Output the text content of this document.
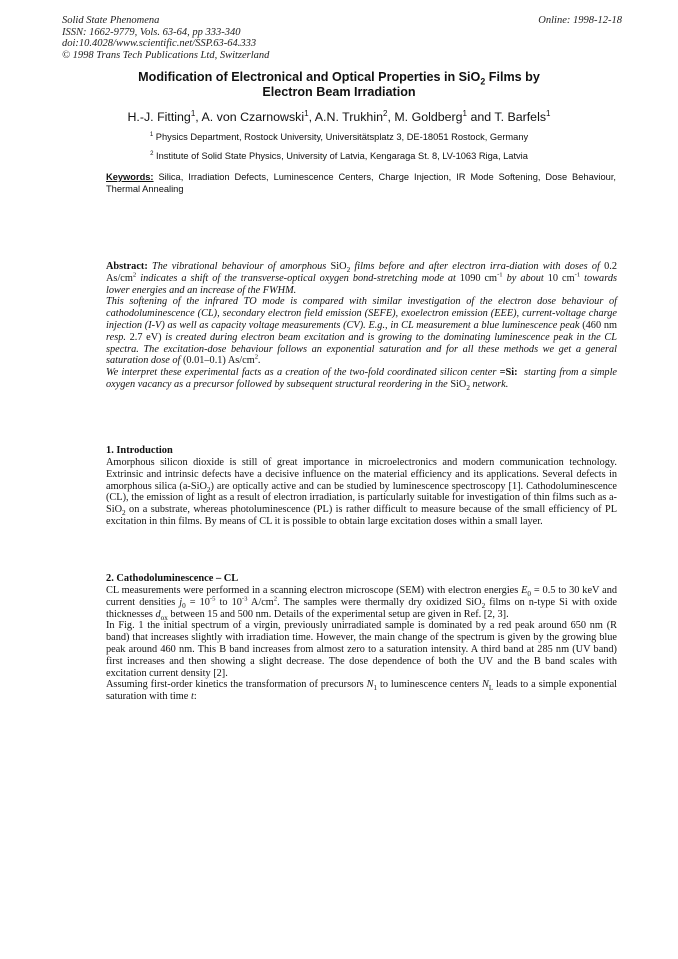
Solid State Phenomena
ISSN: 1662-9779, Vols. 63-64, pp 333-340
doi:10.4028/www.scientific.net/SSP.63-64.333
© 1998 Trans Tech Publications Ltd, Switzerland
Online: 1998-12-18
Modification of Electronical and Optical Properties in SiO$_2$ Films by
Electron Beam Irradiation
H.-J. Fitting$^1$, A. von Czarnowski$^1$, A.N. Trukhin$^2$, M. Goldberg$^1$ and T. Barfels$^1$
$^1$ Physics Department, Rostock University, Universitätsplatz 3, DE-18051 Rostock, Germany
$^2$ Institute of Solid State Physics, University of Latvia, Kengaraga St. 8, LV-1063 Riga, Latvia
Keywords: Silica, Irradiation Defects, Luminescence Centers, Charge Injection, IR Mode Softening, Dose Behaviour, Thermal Annealing

Abstract: The vibrational behaviour of amorphous SiO$_2$ films before and after electron irra-diation with doses of 0.2 $As/cm^2$ indicates a shift of the transverse-optical oxygen bond-stretching mode at 1090 $cm^{-1}$ by about 10 $cm^{-1}$ towards lower energies and an increase of the FWHM.

This softening of the infrared TO mode is compared with similar investigation of the electron dose behaviour of cathodoluminescence (CL), secondary electron field emission (SEFE), exoelectron emission (EEE), current-voltage charge injection (I-V) as well as capacity voltage measurements (CV). E.g., in CL measurement a blue luminescence peak (460 nm resp. 2.7 eV) is created during electron beam excitation and is growing to the dominating luminescence peak in the CL spectra. The excitation-dose behaviour follows an exponential saturation and for all these methods we get a general saturation dose of (0.01–0.1) $As/cm^2$.

We interpret these experimental facts as a creation of the two-fold coordinated silicon center =Si:  starting from a simple oxygen vacancy as a precursor followed by subsequent structural reordering in the SiO$_2$ network.

1. Introduction

Amorphous silicon dioxide is still of great importance in microelectronics and modern communication technology. Extrinsic and intrinsic defects have a decisive influence on the material efficiency and its applications. Several defects in amorphous silica (a-SiO$_2$) are optically active and can be studied by luminescence spectroscopy [1]. Cathodoluminescence (CL), the emission of light as a result of electron irradiation, is particularly suitable for investigation of thin films such as a-SiO$_2$ on a substrate, whereas photoluminescence (PL) is rather difficult to measure because of the small efficiency of PL excitation in thin films. By means of CL it is possible to obtain large excitation doses within a small layer.

2. Cathodoluminescence – CL

CL measurements were performed in a scanning electron microscope (SEM) with electron energies $E_0 = 0.5$ to 30 keV and current densities $j_0 = 10^{-5}$ to $10^{-3}$ $A/cm^2$. The samples were thermally dry oxidized SiO$_2$ films on n-type Si with oxide thicknesses $d_{ox}$ between 15 and 500 nm. Details of the experimental setup are given in Ref. [2, 3].

In Fig. 1 the initial spectrum of a virgin, previously unirradiated sample is dominated by a red peak around 650 nm (R band) that increases slightly with irradiation time. However, the main change of the spectrum is given by the growing blue peak around 460 nm. This B band increases from almost zero to a saturation intensity. A third band at 285 nm (UV band) first increases and then showing a slight decrease. The dose dependence of both the UV and the B band scales with excitation current density [2].

Assuming first-order kinetics the transformation of precursors $N_1$ to luminescence centers $N_L$ leads to a simple exponential saturation with time t:
